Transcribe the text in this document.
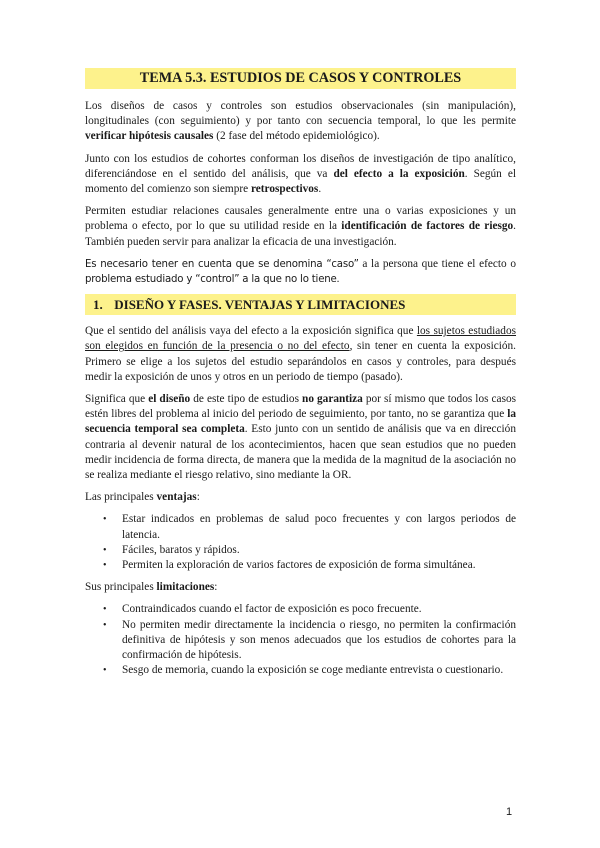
TEMA 5.3. ESTUDIOS DE CASOS Y CONTROLES

Los diseños de casos y controles son estudios observacionales (sin manipulación), longitudinales (con seguimiento) y por tanto con secuencia temporal, lo que les permite verificar hipótesis causales (2 fase del método epidemiológico).

Junto con los estudios de cohortes conforman los diseños de investigación de tipo analítico, diferenciándose en el sentido del análisis, que va del efecto a la exposición. Según el momento del comienzo son siempre retrospectivos.

Permiten estudiar relaciones causales generalmente entre una o varias exposiciones y un problema o efecto, por lo que su utilidad reside en la identificación de factores de riesgo. También pueden servir para analizar la eficacia de una investigación.

Es necesario tener en cuenta que se denomina “caso” a la persona que tiene el efecto o problema estudiado y “control” a la que no lo tiene.

1. DISEÑO Y FASES. VENTAJAS Y LIMITACIONES

Que el sentido del análisis vaya del efecto a la exposición significa que los sujetos estudiados son elegidos en función de la presencia o no del efecto, sin tener en cuenta la exposición. Primero se elige a los sujetos del estudio separándolos en casos y controles, para después medir la exposición de unos y otros en un periodo de tiempo (pasado).

Significa que el diseño de este tipo de estudios no garantiza por sí mismo que todos los casos estén libres del problema al inicio del periodo de seguimiento, por tanto, no se garantiza que la secuencia temporal sea completa. Esto junto con un sentido de análisis que va en dirección contraria al devenir natural de los acontecimientos, hacen que sean estudios que no pueden medir incidencia de forma directa, de manera que la medida de la magnitud de la asociación no se realiza mediante el riesgo relativo, sino mediante la OR.

Las principales ventajas:

• Estar indicados en problemas de salud poco frecuentes y con largos periodos de latencia.
• Fáciles, baratos y rápidos.
• Permiten la exploración de varios factores de exposición de forma simultánea.

Sus principales limitaciones:

• Contraindicados cuando el factor de exposición es poco frecuente.
• No permiten medir directamente la incidencia o riesgo, no permiten la confirmación definitiva de hipótesis y son menos adecuados que los estudios de cohortes para la confirmación de hipótesis.
• Sesgo de memoria, cuando la exposición se coge mediante entrevista o cuestionario.
1
